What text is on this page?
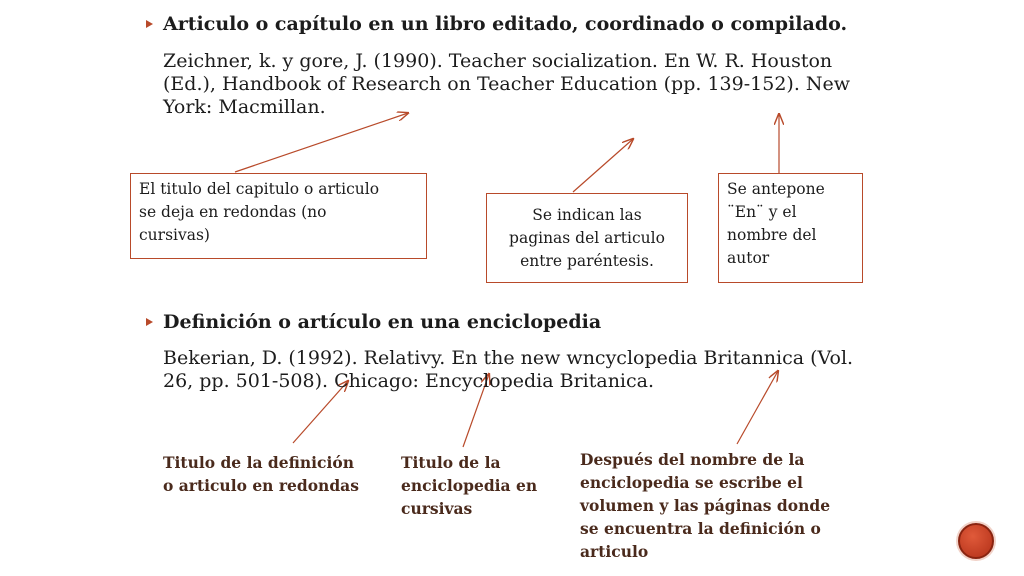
Articulo o capítulo en un libro editado, coordinado o compilado.
Zeichner, k. y gore, J. (1990). Teacher socialization. En W. R. Houston
(Ed.), Handbook of Research on Teacher Education (pp. 139-152). New
York: Macmillan.
El titulo del capitulo o articulo
se deja en redondas (no
cursivas)
Se indican las
paginas del articulo
entre paréntesis.
Se antepone
¨En¨ y el
nombre del
autor
Definición o artículo en una enciclopedia
Bekerian, D. (1992). Relativy. En the new wncyclopedia Britannica (Vol.
26, pp. 501-508). Chicago: Encyclopedia Britanica.
Titulo de la definición
o articulo en redondas
Titulo de la
enciclopedia en
cursivas
Después del nombre de la
enciclopedia se escribe el
volumen y las páginas donde
se encuentra la definición o
articulo
